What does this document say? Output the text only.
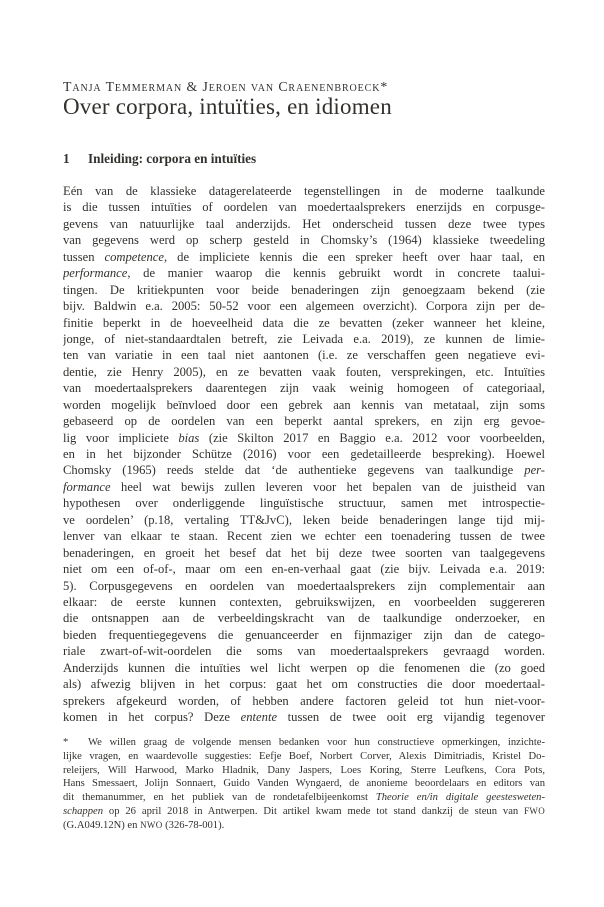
Tanja Temmerman & Jeroen van Craenenbroeck*
Over corpora, intuïties, en idiomen
1 Inleiding: corpora en intuïties
Eén van de klassieke datagerelateerde tegenstellingen in de moderne taalkunde
is die tussen intuïties of oordelen van moedertaalsprekers enerzijds en corpusge-
gevens van natuurlijke taal anderzijds. Het onderscheid tussen deze twee types
van gegevens werd op scherp gesteld in Chomsky’s (1964) klassieke tweedeling
tussen competence, de impliciete kennis die een spreker heeft over haar taal, en
performance, de manier waarop die kennis gebruikt wordt in concrete taalui-
tingen. De kritiekpunten voor beide benaderingen zijn genoegzaam bekend (zie
bijv. Baldwin e.a. 2005: 50-52 voor een algemeen overzicht). Corpora zijn per de-
finitie beperkt in de hoeveelheid data die ze bevatten (zeker wanneer het kleine,
jonge, of niet-standaardtalen betreft, zie Leivada e.a. 2019), ze kunnen de limie-
ten van variatie in een taal niet aantonen (i.e. ze verschaffen geen negatieve evi-
dentie, zie Henry 2005), en ze bevatten vaak fouten, versprekingen, etc. Intuïties
van moedertaalsprekers daarentegen zijn vaak weinig homogeen of categoriaal,
worden mogelijk beïnvloed door een gebrek aan kennis van metataal, zijn soms
gebaseerd op de oordelen van een beperkt aantal sprekers, en zijn erg gevoe-
lig voor impliciete bias (zie Skilton 2017 en Baggio e.a. 2012 voor voorbeelden,
en in het bijzonder Schütze (2016) voor een gedetailleerde bespreking). Hoewel
Chomsky (1965) reeds stelde dat ‘de authentieke gegevens van taalkundige per-
formance heel wat bewijs zullen leveren voor het bepalen van de juistheid van
hypothesen over onderliggende linguïstische structuur, samen met introspectie-
ve oordelen’ (p.18, vertaling TT&JvC), leken beide benaderingen lange tijd mij-
lenver van elkaar te staan. Recent zien we echter een toenadering tussen de twee
benaderingen, en groeit het besef dat het bij deze twee soorten van taalgegevens
niet om een of-of-, maar om een en-en-verhaal gaat (zie bijv. Leivada e.a. 2019:
5). Corpusgegevens en oordelen van moedertaalsprekers zijn complementair aan
elkaar: de eerste kunnen contexten, gebruikswijzen, en voorbeelden suggereren
die ontsnappen aan de verbeeldingskracht van de taalkundige onderzoeker, en
bieden frequentiegegevens die genuanceerder en fijnmaziger zijn dan de catego-
riale zwart-of-wit-oordelen die soms van moedertaalsprekers gevraagd worden.
Anderzijds kunnen die intuïties wel licht werpen op die fenomenen die (zo goed
als) afwezig blijven in het corpus: gaat het om constructies die door moedertaal-
sprekers afgekeurd worden, of hebben andere factoren geleid tot hun niet-voor-
komen in het corpus? Deze entente tussen de twee ooit erg vijandig tegenover
* We willen graag de volgende mensen bedanken voor hun constructieve opmerkingen, inzichte-
lijke vragen, en waardevolle suggesties: Eefje Boef, Norbert Corver, Alexis Dimitriadis, Kristel Do-
releijers, Will Harwood, Marko Hladnik, Dany Jaspers, Loes Koring, Sterre Leufkens, Cora Pots,
Hans Smessaert, Jolijn Sonnaert, Guido Vanden Wyngaerd, de anonieme beoordelaars en editors van
dit themanummer, en het publiek van de rondetafelbijeenkomst Theorie en/in digitale geestesweten-
schappen op 26 april 2018 in Antwerpen. Dit artikel kwam mede tot stand dankzij de steun van FWO
(G.A049.12N) en NWO (326-78-001).
